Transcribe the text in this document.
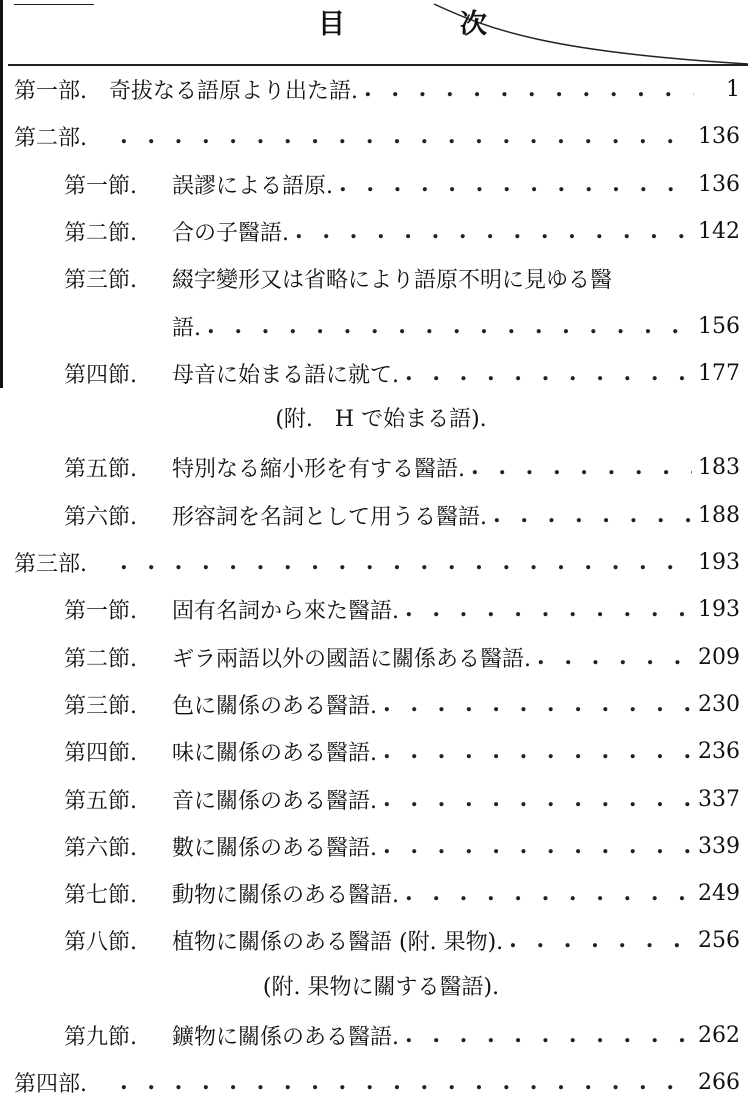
目　次
第一部. 奇拔なる語原より出た語. . . .	1
第二部. . . .	136
第一節.	誤謬による語原. . . .	136
第二節.	合の子醫語. . . .	142
第三節.	綴字變形又は省略により語原不明に見ゆる醫
語. . . .	156
第四節.	母音に始まる語に就て. . . .	177
(附.　H で始まる語).
第五節.	特別なる縮小形を有する醫語. . . .	183
第六節.	形容詞を名詞として用うる醫語. . . .	188
第三部. . . .	193
第一節.	固有名詞から來た醫語. . . .	193
第二節.	ギラ兩語以外の國語に關係ある醫語. . . .	209
第三節.	色に關係のある醫語. . . .	230
第四節.	味に關係のある醫語. . . .	236
第五節.	音に關係のある醫語. . . .	337
第六節.	數に關係のある醫語. . . .	339
第七節.	動物に關係のある醫語. . . .	249
第八節.	植物に關係のある醫語 (附. 果物). . . .	256
(附. 果物に關する醫語).
第九節.	鑛物に關係のある醫語. . . .	262
第四部. . . .	266
